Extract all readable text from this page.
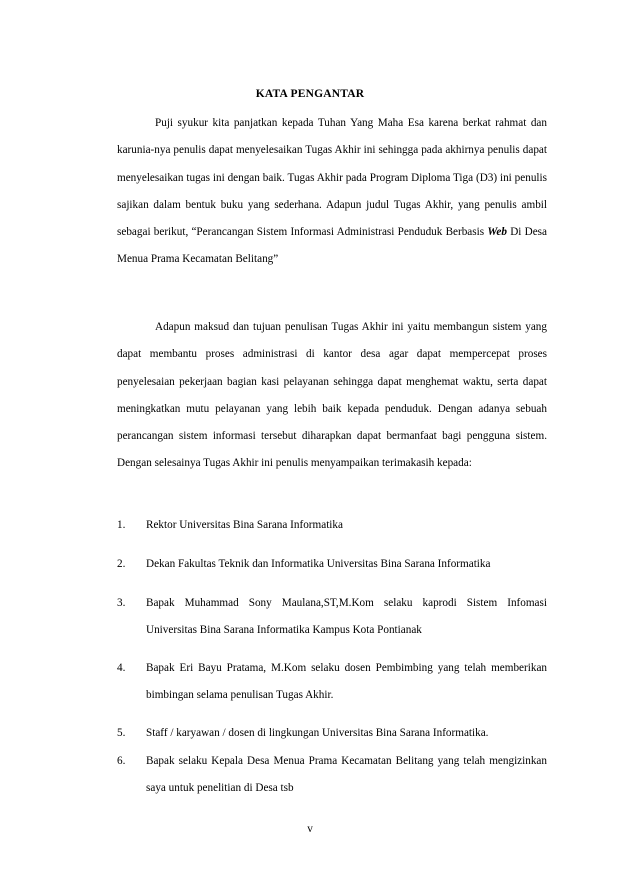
KATA PENGANTAR

Puji syukur kita panjatkan kepada Tuhan Yang Maha Esa karena berkat rahmat dan karunia-nya penulis dapat menyelesaikan Tugas Akhir ini sehingga pada akhirnya penulis dapat menyelesaikan tugas ini dengan baik. Tugas Akhir pada Program Diploma Tiga (D3) ini penulis sajikan dalam bentuk buku yang sederhana. Adapun judul Tugas Akhir, yang penulis ambil sebagai berikut, “Perancangan Sistem Informasi Administrasi Penduduk Berbasis Web Di Desa Menua Prama Kecamatan Belitang”

Adapun maksud dan tujuan penulisan Tugas Akhir ini yaitu membangun sistem yang dapat membantu proses administrasi di kantor desa agar dapat mempercepat proses penyelesaian pekerjaan bagian kasi pelayanan sehingga dapat menghemat waktu, serta dapat meningkatkan mutu pelayanan yang lebih baik kepada penduduk. Dengan adanya sebuah perancangan sistem informasi tersebut diharapkan dapat bermanfaat bagi pengguna sistem. Dengan selesainya Tugas Akhir ini penulis menyampaikan terimakasih kepada:

1.	Rektor Universitas Bina Sarana Informatika
2.	Dekan Fakultas Teknik dan Informatika Universitas Bina Sarana Informatika
3.	Bapak Muhammad Sony Maulana,ST,M.Kom selaku kaprodi Sistem Infomasi Universitas Bina Sarana Informatika Kampus Kota Pontianak
4.	Bapak Eri Bayu Pratama, M.Kom selaku dosen Pembimbing yang telah memberikan bimbingan selama penulisan Tugas Akhir.
5.	Staff / karyawan / dosen di lingkungan Universitas Bina Sarana Informatika.
6.	Bapak selaku Kepala Desa Menua Prama Kecamatan Belitang yang telah mengizinkan saya untuk penelitian di Desa tsb
v
